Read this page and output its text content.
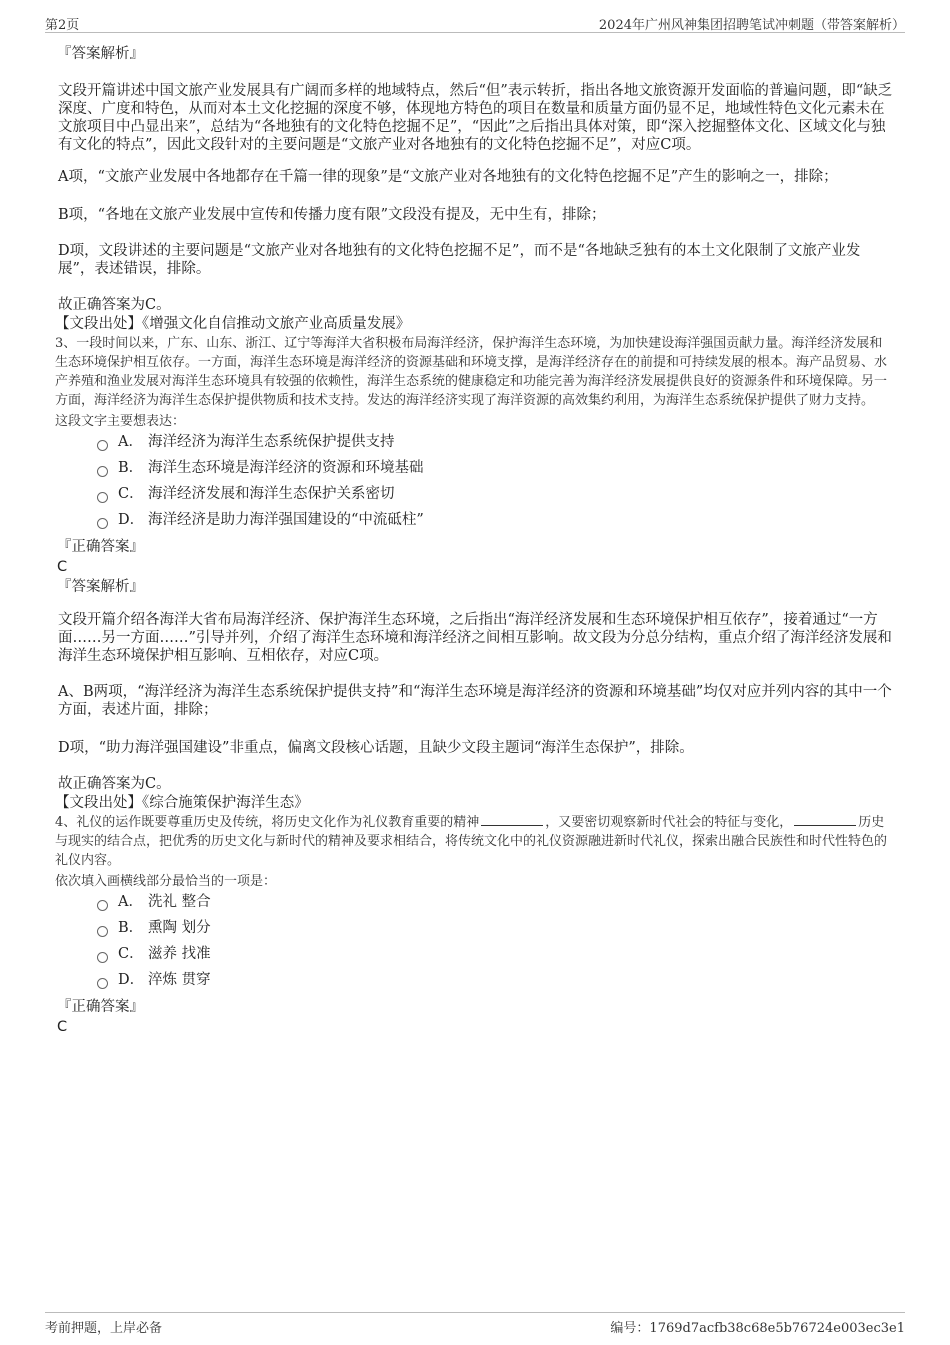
第2页	2024年广州风神集团招聘笔试冲刺题（带答案解析）

『答案解析』

文段开篇讲述中国文旅产业发展具有广阔而多样的地域特点，然后“但”表示转折，指出各地文旅资源开发面临的普遍问题，即“缺乏深度、广度和特色，从而对本土文化挖掘的深度不够，体现地方特色的项目在数量和质量方面仍显不足，地域性特色文化元素未在文旅项目中凸显出来”，总结为“各地独有的文化特色挖掘不足”，“因此”之后指出具体对策，即“深入挖掘整体文化、区域文化与独有文化的特点”，因此文段针对的主要问题是“文旅产业对各地独有的文化特色挖掘不足”，对应C项。

A项，“文旅产业发展中各地都存在千篇一律的现象”是“文旅产业对各地独有的文化特色挖掘不足”产生的影响之一，排除；

B项，“各地在文旅产业发展中宣传和传播力度有限”文段没有提及，无中生有，排除；

D项，文段讲述的主要问题是“文旅产业对各地独有的文化特色挖掘不足”，而不是“各地缺乏独有的本土文化限制了文旅产业发展”，表述错误，排除。

故正确答案为C。

【文段出处】《增强文化自信推动文旅产业高质量发展》

3、一段时间以来，广东、山东、浙江、辽宁等海洋大省积极布局海洋经济，保护海洋生态环境，为加快建设海洋强国贡献力量。海洋经济发展和生态环境保护相互依存。一方面，海洋生态环境是海洋经济的资源基础和环境支撑，是海洋经济存在的前提和可持续发展的根本。海产品贸易、水产养殖和渔业发展对海洋生态环境具有较强的依赖性，海洋生态系统的健康稳定和功能完善为海洋经济发展提供良好的资源条件和环境保障。另一方面，海洋经济为海洋生态保护提供物质和技术支持。发达的海洋经济实现了海洋资源的高效集约利用，为海洋生态系统保护提供了财力支持。

这段文字主要想表达：

A． 海洋经济为海洋生态系统保护提供支持
B． 海洋生态环境是海洋经济的资源和环境基础
C． 海洋经济发展和海洋生态保护关系密切
D． 海洋经济是助力海洋强国建设的“中流砥柱”

『正确答案』

C

『答案解析』

文段开篇介绍各海洋大省布局海洋经济、保护海洋生态环境，之后指出“海洋经济发展和生态环境保护相互依存”，接着通过“一方面……另一方面……”引导并列，介绍了海洋生态环境和海洋经济之间相互影响。故文段为分总分结构，重点介绍了海洋经济发展和海洋生态环境保护相互影响、互相依存，对应C项。

A、B两项，“海洋经济为海洋生态系统保护提供支持”和“海洋生态环境是海洋经济的资源和环境基础”均仅对应并列内容的其中一个方面，表述片面，排除；

D项，“助力海洋强国建设”非重点，偏离文段核心话题，且缺少文段主题词“海洋生态保护”，排除。

故正确答案为C。

【文段出处】《综合施策保护海洋生态》

4、礼仪的运作既要尊重历史及传统，将历史文化作为礼仪教育重要的精神	，又要密切观察新时代社会的特征与变化，	历史与现实的结合点，把优秀的历史文化与新时代的精神及要求相结合，将传统文化中的礼仪资源融进新时代礼仪，探索出融合民族性和时代性特色的礼仪内容。

依次填入画横线部分最恰当的一项是：

A． 洗礼 整合
B． 熏陶 划分
C． 滋养 找准
D． 淬炼 贯穿

『正确答案』

C

考前押题，上岸必备	编号：1769d7acfb38c68e5b76724e003ec3e1
